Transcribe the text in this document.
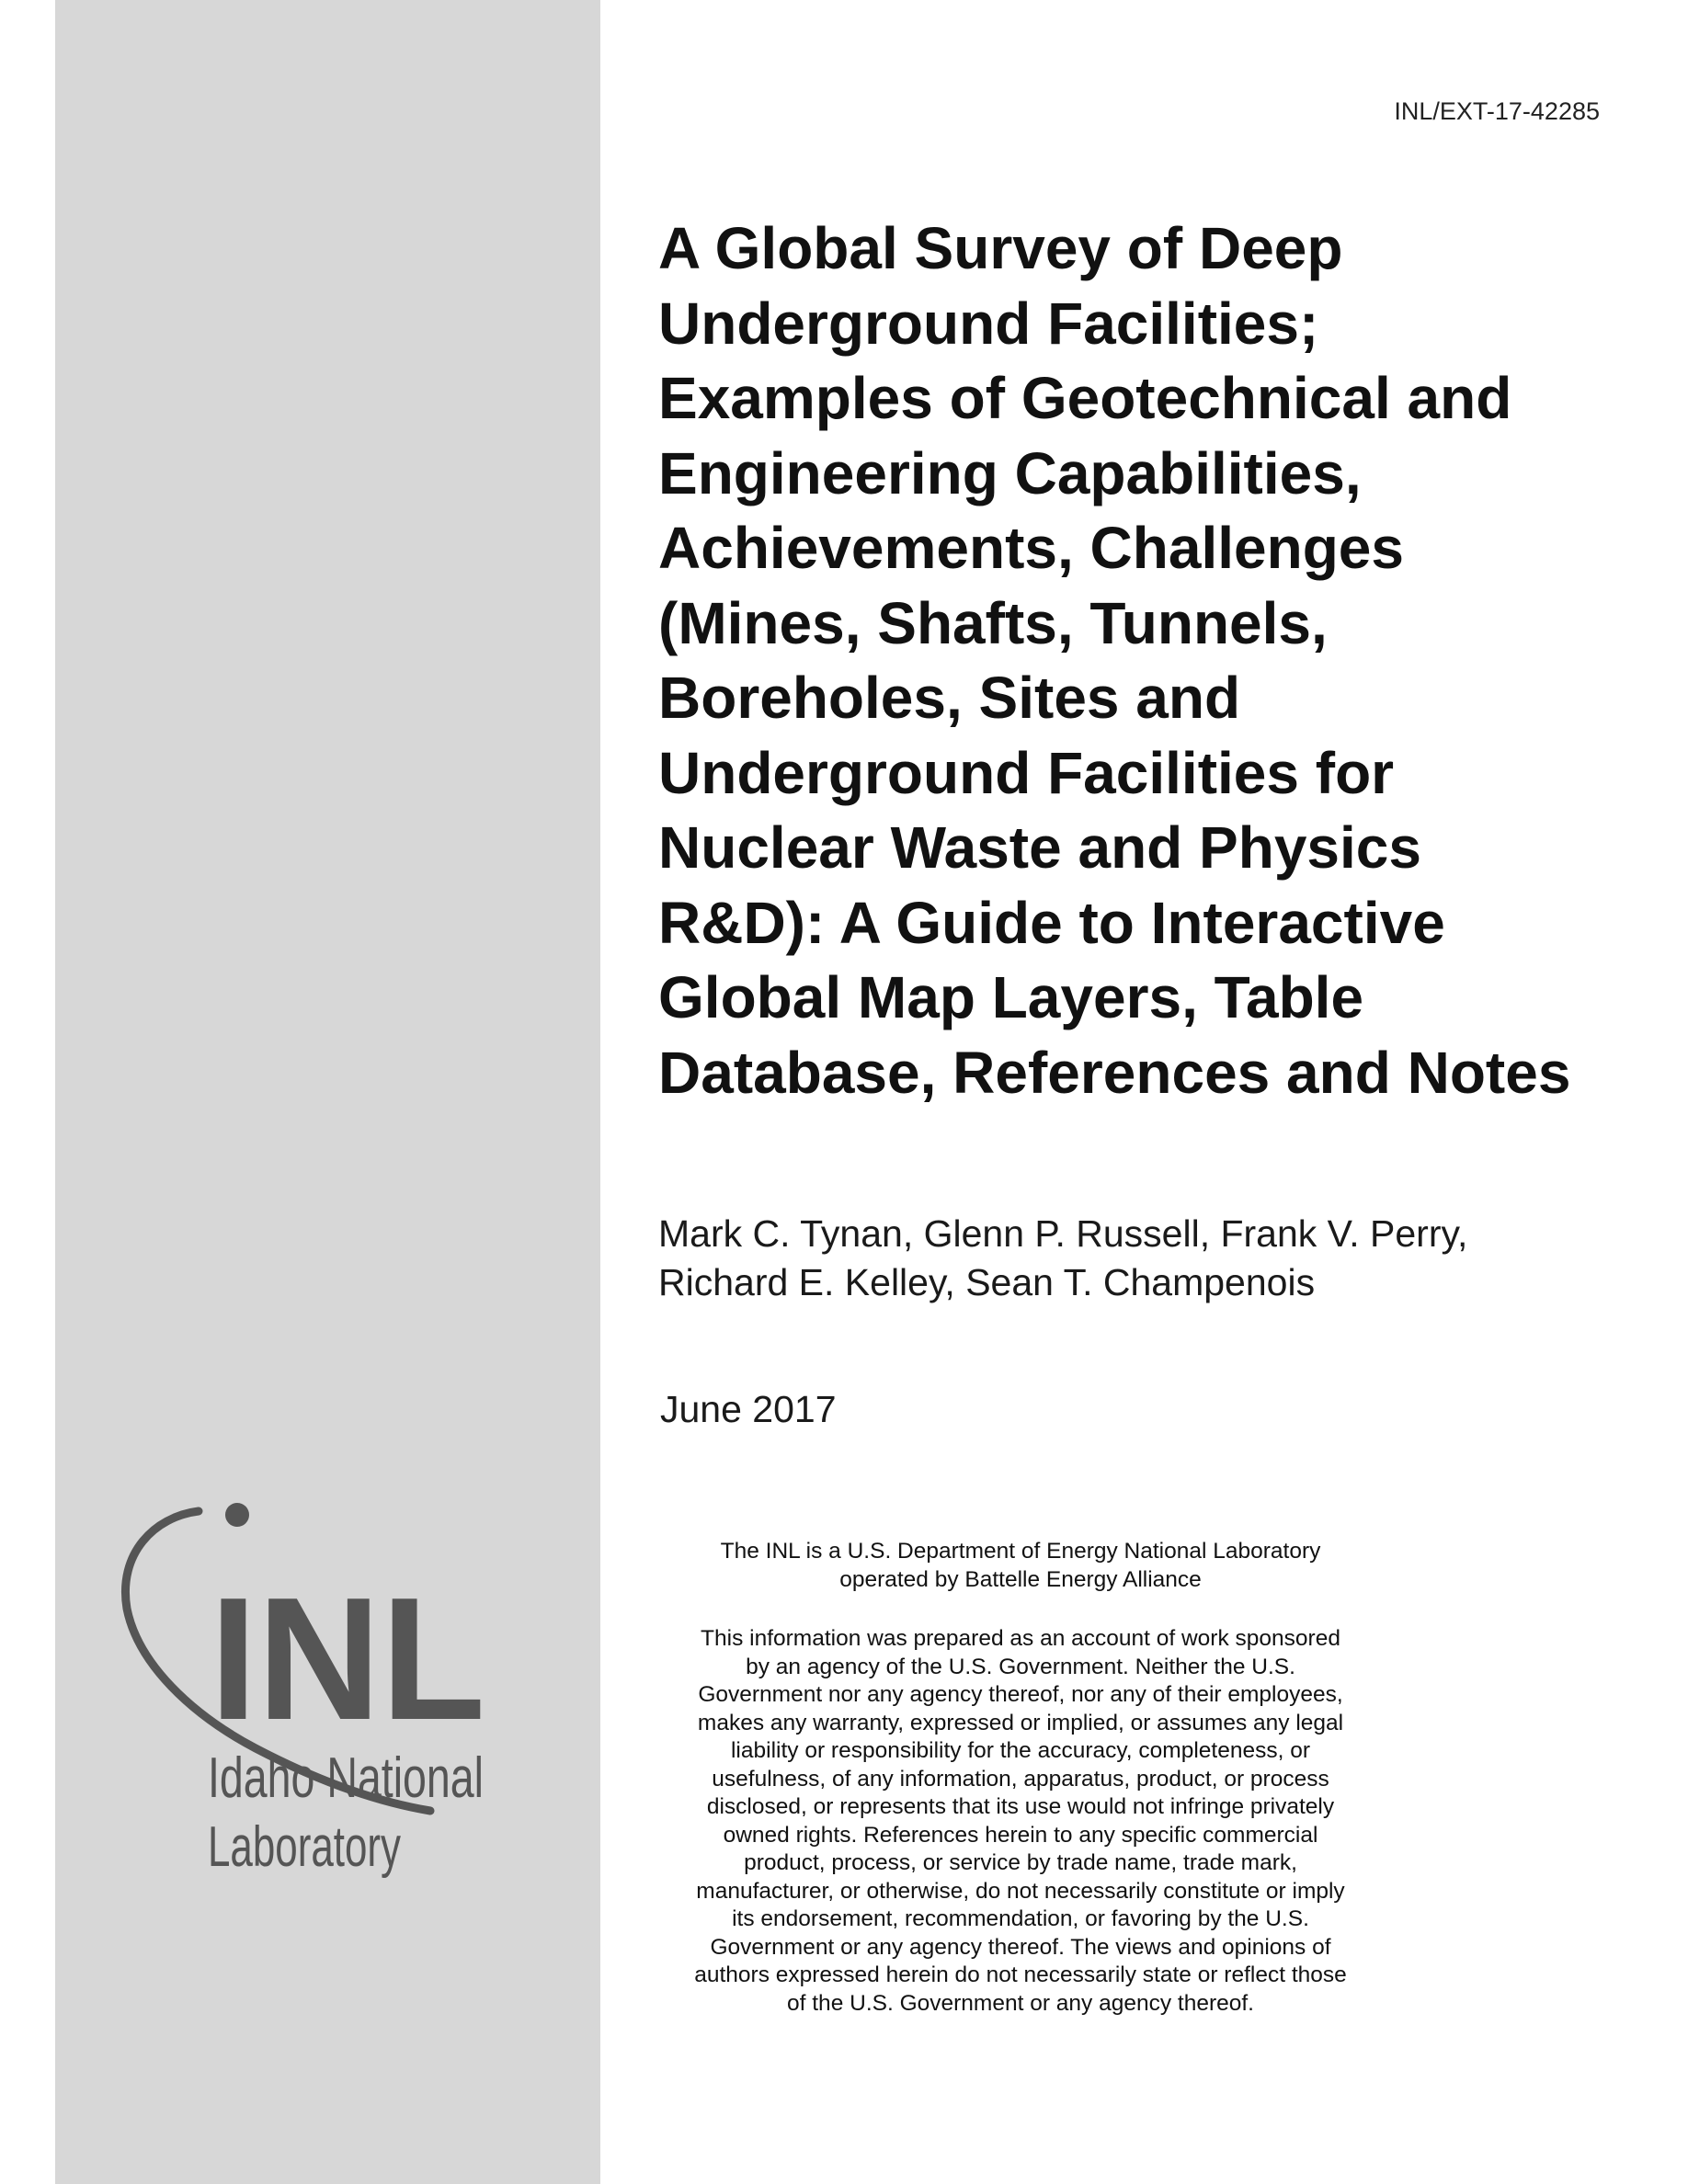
INL
Idaho National
Laboratory
INL/EXT-17-42285
A Global Survey of Deep
Underground Facilities;
Examples of Geotechnical and
Engineering Capabilities,
Achievements, Challenges
(Mines, Shafts, Tunnels,
Boreholes, Sites and
Underground Facilities for
Nuclear Waste and Physics
R&D): A Guide to Interactive
Global Map Layers, Table
Database, References and Notes
Mark C. Tynan, Glenn P. Russell, Frank V. Perry,
Richard E. Kelley, Sean T. Champenois
June 2017
The INL is a U.S. Department of Energy National Laboratory
operated by Battelle Energy Alliance
This information was prepared as an account of work sponsored
by an agency of the U.S. Government. Neither the U.S.
Government nor any agency thereof, nor any of their employees,
makes any warranty, expressed or implied, or assumes any legal
liability or responsibility for the accuracy, completeness, or
usefulness, of any information, apparatus, product, or process
disclosed, or represents that its use would not infringe privately
owned rights. References herein to any specific commercial
product, process, or service by trade name, trade mark,
manufacturer, or otherwise, do not necessarily constitute or imply
its endorsement, recommendation, or favoring by the U.S.
Government or any agency thereof. The views and opinions of
authors expressed herein do not necessarily state or reflect those
of the U.S. Government or any agency thereof.
